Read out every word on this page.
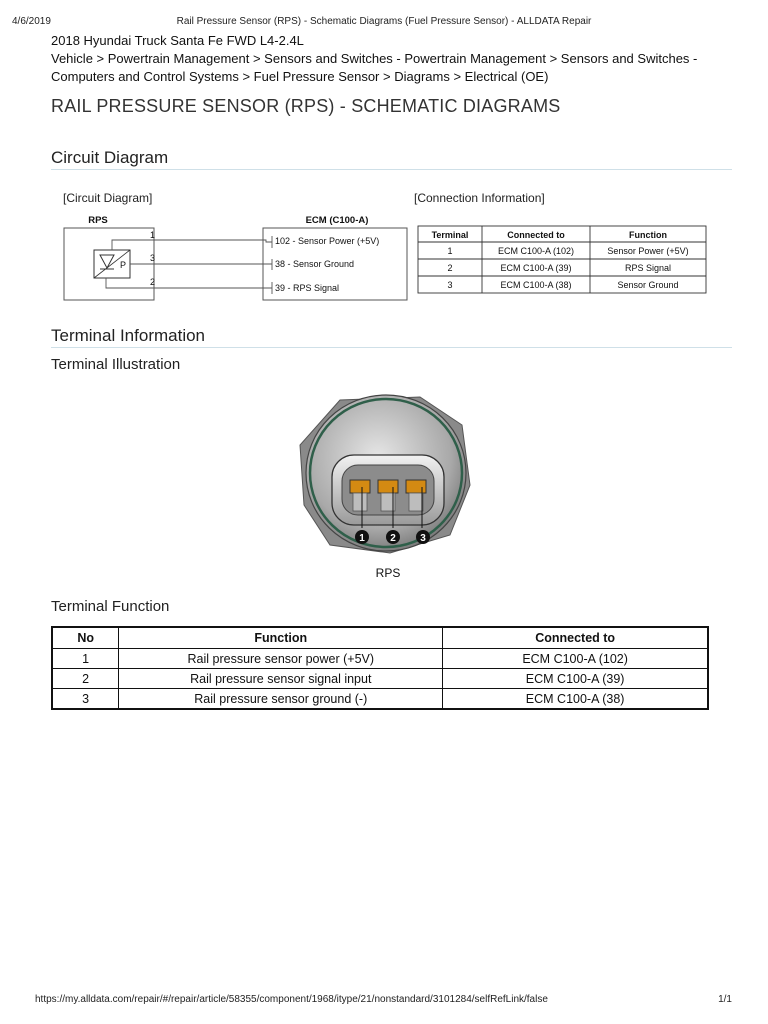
4/6/2019	Rail Pressure Sensor (RPS) - Schematic Diagrams (Fuel Pressure Sensor) - ALLDATA Repair
2018 Hyundai Truck Santa Fe FWD L4-2.4L
Vehicle > Powertrain Management > Sensors and Switches - Powertrain Management > Sensors and Switches -
Computers and Control Systems > Fuel Pressure Sensor > Diagrams > Electrical (OE)
RAIL PRESSURE SENSOR (RPS) - SCHEMATIC DIAGRAMS
Circuit Diagram
[Circuit Diagram]
RPS	ECM (C100-A)
P
1
3
2
102 - Sensor Power (+5V)
38 - Sensor Ground
39 - RPS Signal
[Connection Information]
Terminal	Connected to	Function
1	ECM C100-A (102)	Sensor Power (+5V)
2	ECM C100-A (39)	RPS Signal
3	ECM C100-A (38)	Sensor Ground
Terminal Information
Terminal Illustration
1	2 3
RPS
Terminal Function
No	Function	Connected to
1	Rail pressure sensor power (+5V)	ECM C100-A (102)
2	Rail pressure sensor signal input	ECM C100-A (39)
3	Rail pressure sensor ground (-)	ECM C100-A (38)
https://my.alldata.com/repair/#/repair/article/58355/component/1968/itype/21/nonstandard/3101284/selfRefLink/false	1/1
